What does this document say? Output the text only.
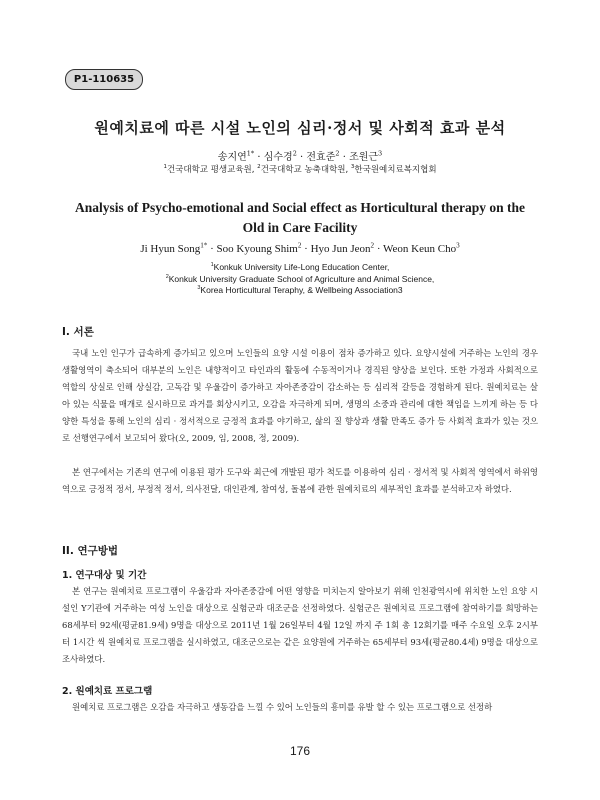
P1-110635
원예치료에 따른 시설 노인의 심리·정서 및 사회적 효과 분석
송지연$^{1*}$ · 심수경$^2$ · 전효준$^2$ · 조원근$^3$
$^1$건국대학교 평생교육원, $^2$건국대학교 농축대학원, $^3$한국원예치료복지협회
Analysis of Psycho-emotional and Social effect as Horticultural therapy on the
Old in Care Facility
Ji Hyun Song$^{1*}$ · Soo Kyoung Shim$^2$ · Hyo Jun Jeon$^2$ · Weon Keun Cho$^3$
$^1$Konkuk University Life-Long Education Center,
$^2$Konkuk University Graduate School of Agriculture and Animal Science,
$^3$Korea Horticultural Teraphy, & Wellbeing Association3
I. 서론

국내 노인 인구가 급속하게 증가되고 있으며 노인들의 요양 시설 이용이 점차 증가하고 있다. 요양시설에 거주하는 노인의 경우 생활영역이 축소되어 대부분의 노인은 내향적이고 타인과의 활동에 수동적이거나 경직된 양상을 보인다. 또한 가정과 사회적으로 역할의 상실로 인해 상실감, 고독감 및 우울감이 증가하고 자아존중감이 감소하는 등 심리적 갈등을 경험하게 된다. 원예치료는 살아 있는 식물을 매개로 실시하므로 과거를 회상시키고, 오감을 자극하게 되며, 생명의 소중과 관리에 대한 책임을 느끼게 하는 등 다양한 특성을 통해 노인의 심리 · 정서적으로 긍정적 효과를 야기하고, 삶의 질 향상과 생활 만족도 증가 등 사회적 효과가 있는 것으로 선행연구에서 보고되어 왔다(오, 2009, 임, 2008, 정, 2009).

본 연구에서는 기존의 연구에 이용된 평가 도구와 최근에 개발된 평가 척도를 이용하여 심리 · 정서적 및 사회적 영역에서 하위영역으로 긍정적 정서, 부정적 정서, 의사전달, 대인관계, 참여성, 돌봄에 관한 원예치료의 세부적인 효과를 분석하고자 하였다.

II. 연구방법
1. 연구대상 및 기간

본 연구는 원예치료 프로그램이 우울감과 자아존중감에 어떤 영향을 미치는지 알아보기 위해 인천광역시에 위치한 노인 요양 시설인 Y기관에 거주하는 여성 노인을 대상으로 실험군과 대조군을 선정하였다. 실험군은 원예치료 프로그램에 참여하기를 희망하는 68세부터 92세(평균81.9세) 9명을 대상으로 2011년 1월 26일부터 4월 12일 까지 주 1회 총 12회기를 매주 수요일 오후 2시부터 1시간 씩 원예치료 프로그램을 실시하였고, 대조군으로는 같은 요양원에 거주하는 65세부터 93세(평균80.4세) 9명을 대상으로 조사하였다.

2. 원예치료 프로그램

원예치료 프로그램은 오감을 자극하고 생동감을 느낄 수 있어 노인들의 흥미를 유발 할 수 있는 프로그램으로 선정하

176
